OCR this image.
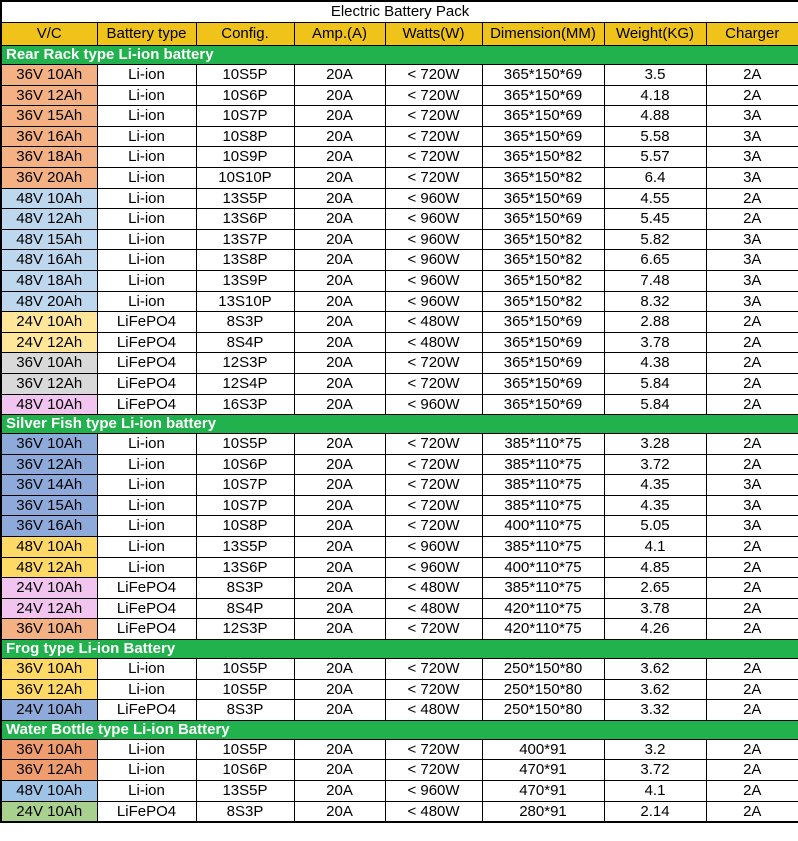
Electric Battery Pack							
V/C	Battery type	Config.	Amp.(A)	Watts(W)	Dimension(MM)	Weight(KG)	Charger
Rear Rack type Li-ion battery							
36V 10Ah	Li-ion	10S5P	20A	< 720W	365*150*69	3.5	2A
36V 12Ah	Li-ion	10S6P	20A	< 720W	365*150*69	4.18	2A
36V 15Ah	Li-ion	10S7P	20A	< 720W	365*150*69	4.88	3A
36V 16Ah	Li-ion	10S8P	20A	< 720W	365*150*69	5.58	3A
36V 18Ah	Li-ion	10S9P	20A	< 720W	365*150*82	5.57	3A
36V 20Ah	Li-ion	10S10P	20A	< 720W	365*150*82	6.4	3A
48V 10Ah	Li-ion	13S5P	20A	< 960W	365*150*69	4.55	2A
48V 12Ah	Li-ion	13S6P	20A	< 960W	365*150*69	5.45	2A
48V 15Ah	Li-ion	13S7P	20A	< 960W	365*150*82	5.82	3A
48V 16Ah	Li-ion	13S8P	20A	< 960W	365*150*82	6.65	3A
48V 18Ah	Li-ion	13S9P	20A	< 960W	365*150*82	7.48	3A
48V 20Ah	Li-ion	13S10P	20A	< 960W	365*150*82	8.32	3A
24V 10Ah	LiFePO4	8S3P	20A	< 480W	365*150*69	2.88	2A
24V 12Ah	LiFePO4	8S4P	20A	< 480W	365*150*69	3.78	2A
36V 10Ah	LiFePO4	12S3P	20A	< 720W	365*150*69	4.38	2A
36V 12Ah	LiFePO4	12S4P	20A	< 720W	365*150*69	5.84	2A
48V 10Ah	LiFePO4	16S3P	20A	< 960W	365*150*69	5.84	2A
Silver Fish type Li-ion battery							
36V 10Ah	Li-ion	10S5P	20A	< 720W	385*110*75	3.28	2A
36V 12Ah	Li-ion	10S6P	20A	< 720W	385*110*75	3.72	2A
36V 14Ah	Li-ion	10S7P	20A	< 720W	385*110*75	4.35	3A
36V 15Ah	Li-ion	10S7P	20A	< 720W	385*110*75	4.35	3A
36V 16Ah	Li-ion	10S8P	20A	< 720W	400*110*75	5.05	3A
48V 10Ah	Li-ion	13S5P	20A	< 960W	385*110*75	4.1	2A
48V 12Ah	Li-ion	13S6P	20A	< 960W	400*110*75	4.85	2A
24V 10Ah	LiFePO4	8S3P	20A	< 480W	385*110*75	2.65	2A
24V 12Ah	LiFePO4	8S4P	20A	< 480W	420*110*75	3.78	2A
36V 10Ah	LiFePO4	12S3P	20A	< 720W	420*110*75	4.26	2A
Frog type Li-ion Battery							
36V 10Ah	Li-ion	10S5P	20A	< 720W	250*150*80	3.62	2A
36V 12Ah	Li-ion	10S5P	20A	< 720W	250*150*80	3.62	2A
24V 10Ah	LiFePO4	8S3P	20A	< 480W	250*150*80	3.32	2A
Water Bottle type Li-ion Battery							
36V 10Ah	Li-ion	10S5P	20A	< 720W	400*91	3.2	2A
36V 12Ah	Li-ion	10S6P	20A	< 720W	470*91	3.72	2A
48V 10Ah	Li-ion	13S5P	20A	< 960W	470*91	4.1	2A
24V 10Ah	LiFePO4	8S3P	20A	< 480W	280*91	2.14	2A
